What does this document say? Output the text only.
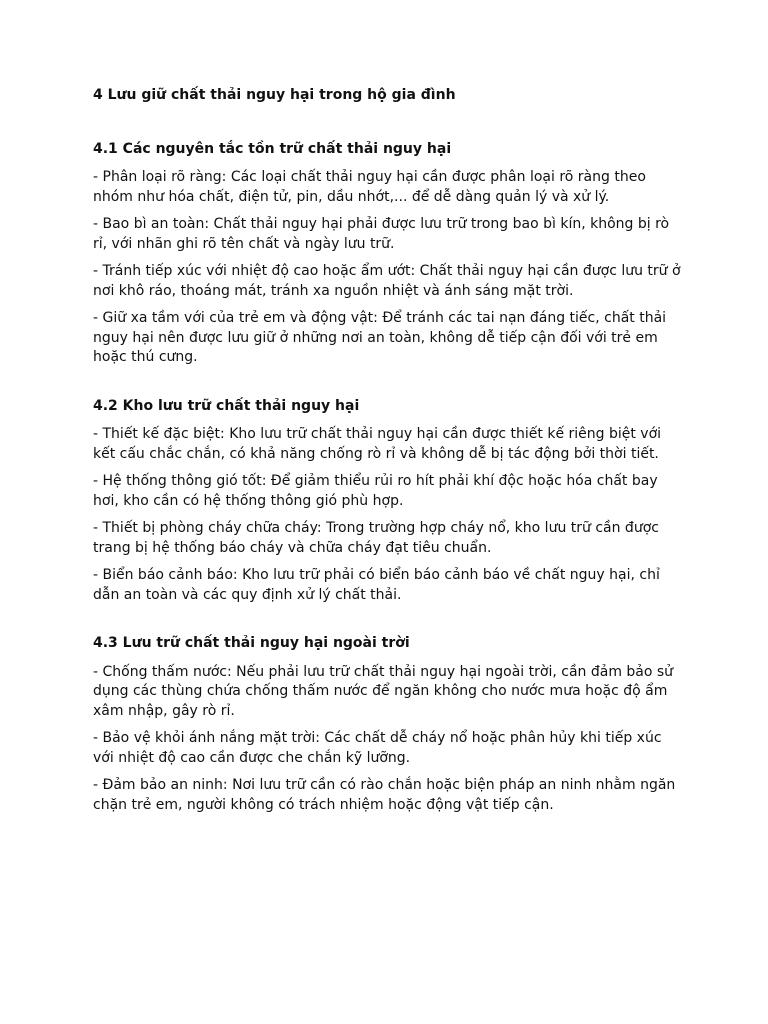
4 Lưu giữ chất thải nguy hại trong hộ gia đình
4.1 Các nguyên tắc tồn trữ chất thải nguy hại
- Phân loại rõ ràng: Các loại chất thải nguy hại cần được phân loại rõ ràng theo nhóm như hóa chất, điện tử, pin, dầu nhớt,... để dễ dàng quản lý và xử lý.
- Bao bì an toàn: Chất thải nguy hại phải được lưu trữ trong bao bì kín, không bị rò rỉ, với nhãn ghi rõ tên chất và ngày lưu trữ.
- Tránh tiếp xúc với nhiệt độ cao hoặc ẩm ướt: Chất thải nguy hại cần được lưu trữ ở nơi khô ráo, thoáng mát, tránh xa nguồn nhiệt và ánh sáng mặt trời.
- Giữ xa tầm với của trẻ em và động vật: Để tránh các tai nạn đáng tiếc, chất thải nguy hại nên được lưu giữ ở những nơi an toàn, không dễ tiếp cận đối với trẻ em hoặc thú cưng.
4.2 Kho lưu trữ chất thải nguy hại
- Thiết kế đặc biệt: Kho lưu trữ chất thải nguy hại cần được thiết kế riêng biệt với kết cấu chắc chắn, có khả năng chống rò rỉ và không dễ bị tác động bởi thời tiết.
- Hệ thống thông gió tốt: Để giảm thiểu rủi ro hít phải khí độc hoặc hóa chất bay hơi, kho cần có hệ thống thông gió phù hợp.
- Thiết bị phòng cháy chữa cháy: Trong trường hợp cháy nổ, kho lưu trữ cần được trang bị hệ thống báo cháy và chữa cháy đạt tiêu chuẩn.
- Biển báo cảnh báo: Kho lưu trữ phải có biển báo cảnh báo về chất nguy hại, chỉ dẫn an toàn và các quy định xử lý chất thải.
4.3 Lưu trữ chất thải nguy hại ngoài trời
- Chống thấm nước: Nếu phải lưu trữ chất thải nguy hại ngoài trời, cần đảm bảo sử dụng các thùng chứa chống thấm nước để ngăn không cho nước mưa hoặc độ ẩm xâm nhập, gây rò rỉ.
- Bảo vệ khỏi ánh nắng mặt trời: Các chất dễ cháy nổ hoặc phân hủy khi tiếp xúc với nhiệt độ cao cần được che chắn kỹ lưỡng.
- Đảm bảo an ninh: Nơi lưu trữ cần có rào chắn hoặc biện pháp an ninh nhằm ngăn chặn trẻ em, người không có trách nhiệm hoặc động vật tiếp cận.
